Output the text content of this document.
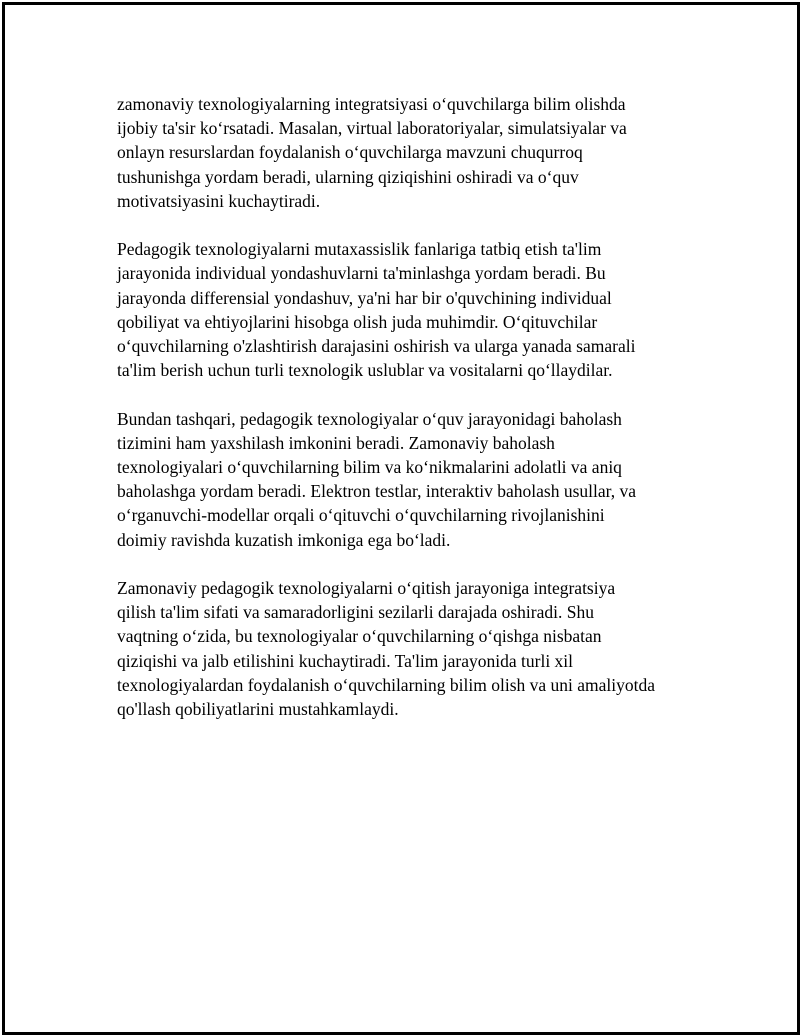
zamonaviy texnologiyalarning integratsiyasi o‘quvchilarga bilim olishda
ijobiy ta'sir ko‘rsatadi. Masalan, virtual laboratoriyalar, simulatsiyalar va
onlayn resurslardan foydalanish o‘quvchilarga mavzuni chuqurroq
tushunishga yordam beradi, ularning qiziqishini oshiradi va o‘quv
motivatsiyasini kuchaytiradi.

Pedagogik texnologiyalarni mutaxassislik fanlariga tatbiq etish ta'lim
jarayonida individual yondashuvlarni ta'minlashga yordam beradi. Bu
jarayonda differensial yondashuv, ya'ni har bir o'quvchining individual
qobiliyat va ehtiyojlarini hisobga olish juda muhimdir. O‘qituvchilar
o‘quvchilarning o'zlashtirish darajasini oshirish va ularga yanada samarali
ta'lim berish uchun turli texnologik uslublar va vositalarni qo‘llaydilar.

Bundan tashqari, pedagogik texnologiyalar o‘quv jarayonidagi baholash
tizimini ham yaxshilash imkonini beradi. Zamonaviy baholash
texnologiyalari o‘quvchilarning bilim va ko‘nikmalarini adolatli va aniq
baholashga yordam beradi. Elektron testlar, interaktiv baholash usullar, va
o‘rganuvchi-modellar orqali o‘qituvchi o‘quvchilarning rivojlanishini
doimiy ravishda kuzatish imkoniga ega bo‘ladi.

Zamonaviy pedagogik texnologiyalarni o‘qitish jarayoniga integratsiya
qilish ta'lim sifati va samaradorligini sezilarli darajada oshiradi. Shu
vaqtning o‘zida, bu texnologiyalar o‘quvchilarning o‘qishga nisbatan
qiziqishi va jalb etilishini kuchaytiradi. Ta'lim jarayonida turli xil
texnologiyalardan foydalanish o‘quvchilarning bilim olish va uni amaliyotda
qo'llash qobiliyatlarini mustahkamlaydi.
